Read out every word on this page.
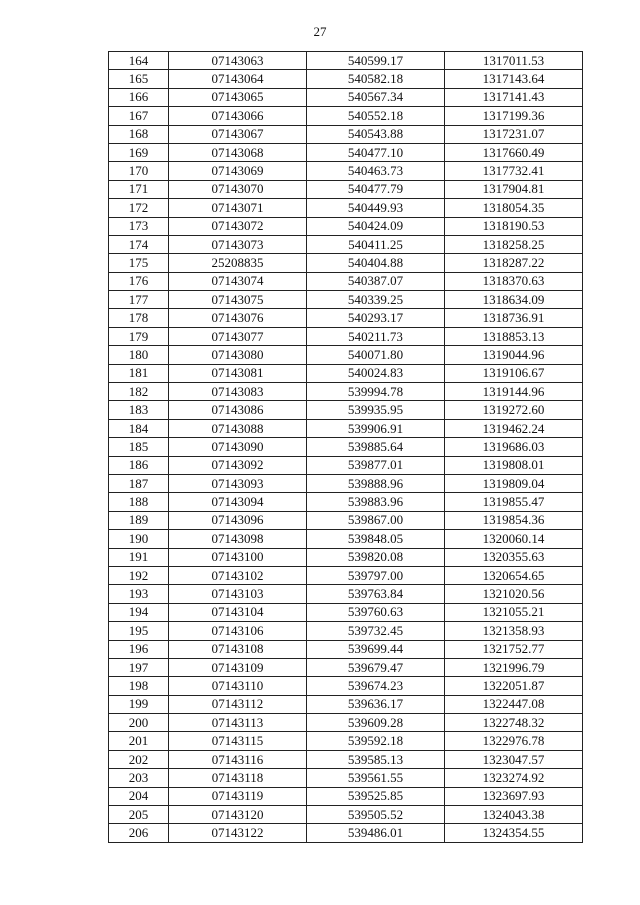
27
164	07143063	540599.17	1317011.53
165	07143064	540582.18	1317143.64
166	07143065	540567.34	1317141.43
167	07143066	540552.18	1317199.36
168	07143067	540543.88	1317231.07
169	07143068	540477.10	1317660.49
170	07143069	540463.73	1317732.41
171	07143070	540477.79	1317904.81
172	07143071	540449.93	1318054.35
173	07143072	540424.09	1318190.53
174	07143073	540411.25	1318258.25
175	25208835	540404.88	1318287.22
176	07143074	540387.07	1318370.63
177	07143075	540339.25	1318634.09
178	07143076	540293.17	1318736.91
179	07143077	540211.73	1318853.13
180	07143080	540071.80	1319044.96
181	07143081	540024.83	1319106.67
182	07143083	539994.78	1319144.96
183	07143086	539935.95	1319272.60
184	07143088	539906.91	1319462.24
185	07143090	539885.64	1319686.03
186	07143092	539877.01	1319808.01
187	07143093	539888.96	1319809.04
188	07143094	539883.96	1319855.47
189	07143096	539867.00	1319854.36
190	07143098	539848.05	1320060.14
191	07143100	539820.08	1320355.63
192	07143102	539797.00	1320654.65
193	07143103	539763.84	1321020.56
194	07143104	539760.63	1321055.21
195	07143106	539732.45	1321358.93
196	07143108	539699.44	1321752.77
197	07143109	539679.47	1321996.79
198	07143110	539674.23	1322051.87
199	07143112	539636.17	1322447.08
200	07143113	539609.28	1322748.32
201	07143115	539592.18	1322976.78
202	07143116	539585.13	1323047.57
203	07143118	539561.55	1323274.92
204	07143119	539525.85	1323697.93
205	07143120	539505.52	1324043.38
206	07143122	539486.01	1324354.55
